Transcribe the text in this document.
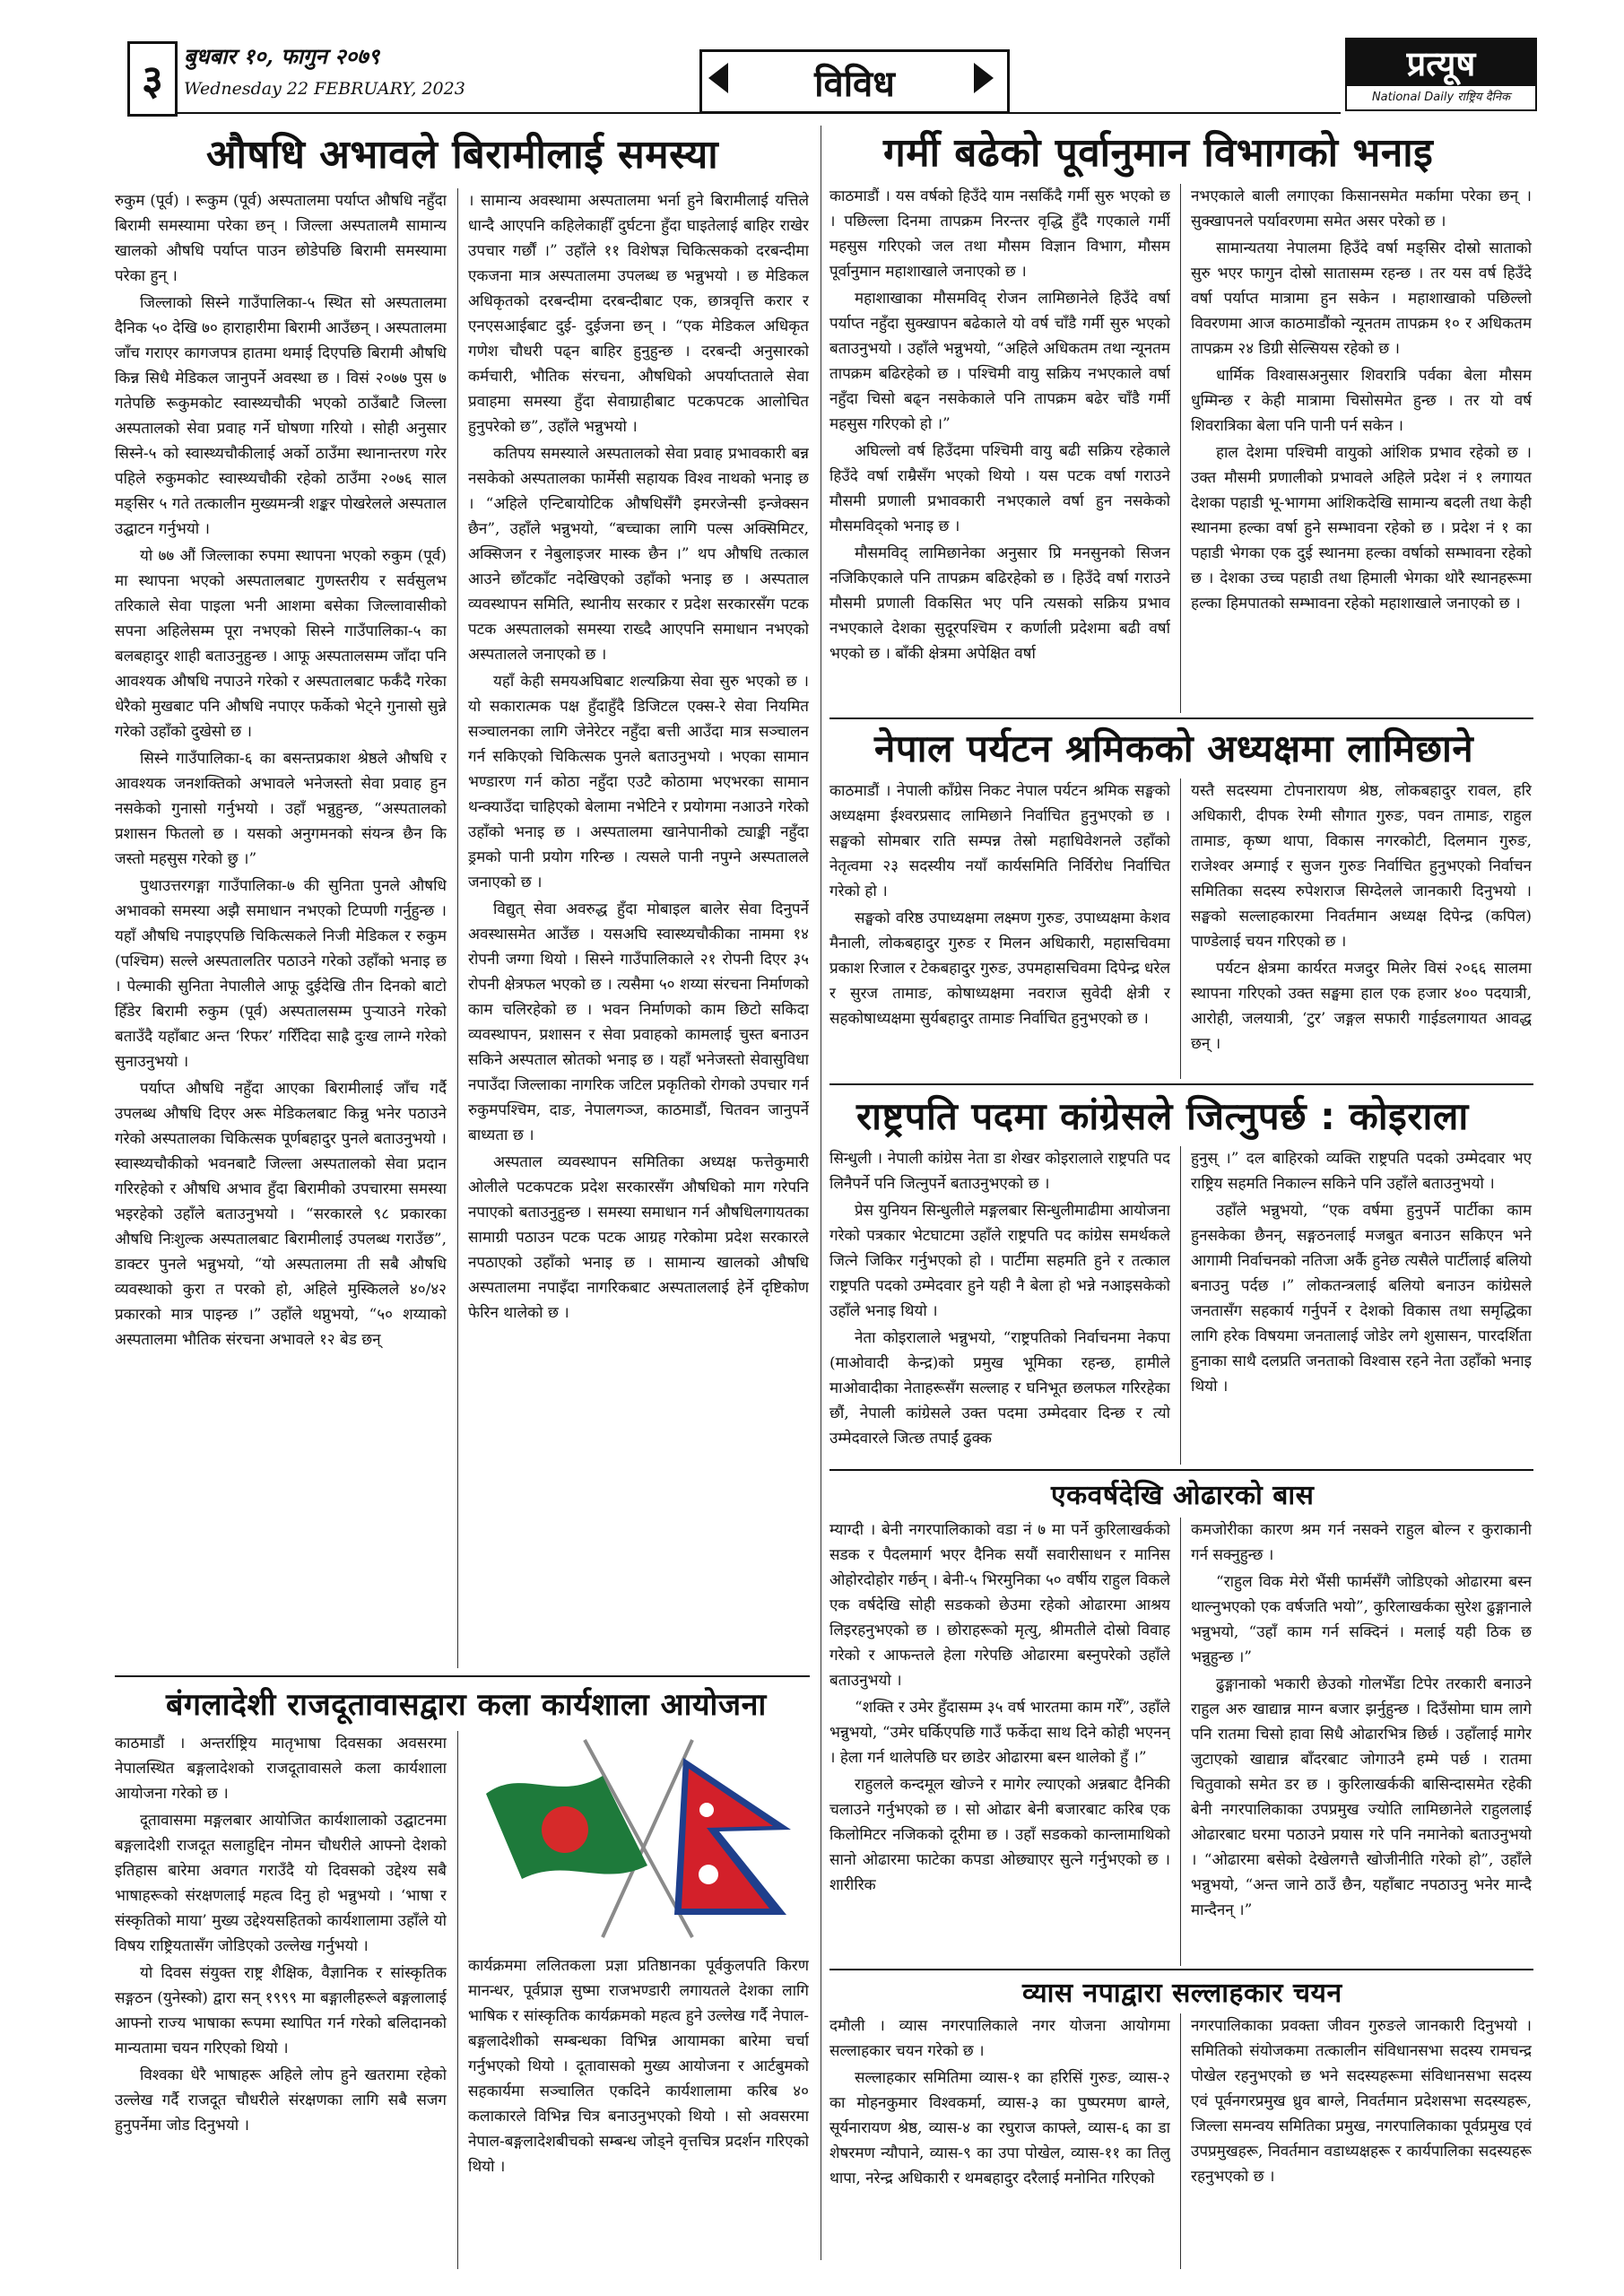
३ बुधबार १०, फागुन २०७९
Wednesday 22 FEBRUARY, 2023	विविध	प्रत्यूष
National Daily राष्ट्रिय दैनिक
औषधि अभावले बिरामीलाई समस्या

रुकुम (पूर्व) । रूकुम (पूर्व) अस्पतालमा पर्याप्त औषधि नहुँदा बिरामी समस्यामा परेका छन् । जिल्ला अस्पतालमै सामान्य खालको औषधि पर्याप्त पाउन छोडेपछि बिरामी समस्यामा परेका हुन् ।

जिल्लाको सिस्ने गाउँपालिका-५ स्थित सो अस्पतालमा दैनिक ५० देखि ७० हाराहारीमा बिरामी आउँछन् । अस्पतालमा जाँच गराएर कागजपत्र हातमा थमाई दिएपछि बिरामी औषधि किन्न सिधै मेडिकल जानुपर्ने अवस्था छ । विसं २०७७ पुस ७ गतेपछि रूकुमकोट स्वास्थ्यचौकी भएको ठाउँबाटै जिल्ला अस्पतालको सेवा प्रवाह गर्ने घोषणा गरियो । सोही अनुसार सिस्ने-५ को स्वास्थ्यचौकीलाई अर्को ठाउँमा स्थानान्तरण गरेर पहिले रुकुमकोट स्वास्थ्यचौकी रहेको ठाउँमा २०७६ साल मङ्सिर ५ गते तत्कालीन मुख्यमन्त्री शङ्कर पोखरेलले अस्पताल उद्घाटन गर्नुभयो ।

यो ७७ औं जिल्लाका रुपमा स्थापना भएको रुकुम (पूर्व) मा स्थापना भएको अस्पतालबाट गुणस्तरीय र सर्वसुलभ तरिकाले सेवा पाइला भनी आशमा बसेका जिल्लावासीको सपना अहिलेसम्म पूरा नभएको सिस्ने गाउँपालिका-५ का बलबहादुर शाही बताउनुहुन्छ । आफू अस्पतालसम्म जाँदा पनि आवश्यक औषधि नपाउने गरेको र अस्पतालबाट फर्कँदै गरेका धेरैको मुखबाट पनि औषधि नपाएर फर्केको भेट्ने गुनासो सुन्ने गरेको उहाँको दुखेसो छ ।

सिस्ने गाउँपालिका-६ का बसन्तप्रकाश श्रेष्ठले औषधि र आवश्यक जनशक्तिको अभावले भनेजस्तो सेवा प्रवाह हुन नसकेको गुनासो गर्नुभयो । उहाँ भन्नुहुन्छ, “अस्पतालको प्रशासन फितलो छ । यसको अनुगमनको संयन्त्र छैन कि जस्तो महसुस गरेको छु ।”

पुथाउत्तरगङ्गा गाउँपालिका-७ की सुनिता पुनले औषधि अभावको समस्या अझै समाधान नभएको टिप्पणी गर्नुहुन्छ । यहाँ औषधि नपाइएपछि चिकित्सकले निजी मेडिकल र रुकुम (पश्चिम) सल्ले अस्पतालतिर पठाउने गरेको उहाँको भनाइ छ । पेल्माकी सुनिता नेपालीले आफू दुईदेखि तीन दिनको बाटो हिँडेर बिरामी रुकुम (पूर्व) अस्पतालसम्म पुऱ्याउने गरेको बताउँदै यहाँबाट अन्त ‘रिफर’ गरिँदिदा साह्रै दुःख लाग्ने गरेको सुनाउनुभयो ।

पर्याप्त औषधि नहुँदा आएका बिरामीलाई जाँच गर्दै उपलब्ध औषधि दिएर अरू मेडिकलबाट किन्नु भनेर पठाउने गरेको अस्पतालका चिकित्सक पूर्णबहादुर पुनले बताउनुभयो । स्वास्थ्यचौकीको भवनबाटै जिल्ला अस्पतालको सेवा प्रदान गरिरहेको र औषधि अभाव हुँदा बिरामीको उपचारमा समस्या भइरहेको उहाँले बताउनुभयो । “सरकारले ९८ प्रकारका औषधि निःशुल्क अस्पतालबाट बिरामीलाई उपलब्ध गराउँछ”, डाक्टर पुनले भन्नुभयो, “यो अस्पतालमा ती सबै औषधि व्यवस्थाको कुरा त परको हो, अहिले मुस्किलले ४०/४२ प्रकारको मात्र पाइन्छ ।” उहाँले थप्नुभयो, “५० शय्याको अस्पतालमा भौतिक संरचना अभावले १२ बेड छन्

। सामान्य अवस्थामा अस्पतालमा भर्ना हुने बिरामीलाई यत्तिले धान्दै आएपनि कहिलेकाहीँ दुर्घटना हुँदा घाइतेलाई बाहिर राखेर उपचार गर्छौं ।” उहाँले ११ विशेषज्ञ चिकित्सकको दरबन्दीमा एकजना मात्र अस्पतालमा उपलब्ध छ भन्नुभयो । छ मेडिकल अधिकृतको दरबन्दीमा दरबन्दीबाट एक, छात्रवृत्ति करार र एनएसआईबाट दुई- दुईजना छन् । “एक मेडिकल अधिकृत गणेश चौधरी पढ्न बाहिर हुनुहुन्छ । दरबन्दी अनुसारको कर्मचारी, भौतिक संरचना, औषधिको अपर्याप्तताले सेवा प्रवाहमा समस्या हुँदा सेवाग्राहीबाट पटकपटक आलोचित हुनुपरेको छ”, उहाँले भन्नुभयो ।

कतिपय समस्याले अस्पतालको सेवा प्रवाह प्रभावकारी बन्न नसकेको अस्पतालका फार्मेसी सहायक विश्व नाथको भनाइ छ । “अहिले एन्टिबायोटिक औषधिसँगै इमरजेन्सी इन्जेक्सन छैन”, उहाँले भन्नुभयो, “बच्चाका लागि पल्स अक्सिमिटर, अक्सिजन र नेबुलाइजर मास्क छैन ।” थप औषधि तत्काल आउने छाँटकाँट नदेखिएको उहाँको भनाइ छ । अस्पताल व्यवस्थापन समिति, स्थानीय सरकार र प्रदेश सरकारसँग पटक पटक अस्पतालको समस्या राख्दै आएपनि समाधान नभएको अस्पतालले जनाएको छ ।

यहाँ केही समयअघिबाट शल्यक्रिया सेवा सुरु भएको छ । यो सकारात्मक पक्ष हुँदाहुँदै डिजिटल एक्स-रे सेवा नियमित सञ्चालनका लागि जेनेरेटर नहुँदा बत्ती आउँदा मात्र सञ्चालन गर्न सकिएको चिकित्सक पुनले बताउनुभयो । भएका सामान भण्डारण गर्न कोठा नहुँदा एउटै कोठामा भएभरका सामान थन्क्याउँदा चाहिएको बेलामा नभेटिने र प्रयोगमा नआउने गरेको उहाँको भनाइ छ । अस्पतालमा खानेपानीको ट्याङ्की नहुँदा ड्रमको पानी प्रयोग गरिन्छ । त्यसले पानी नपुग्ने अस्पतालले जनाएको छ ।

विद्युत् सेवा अवरुद्ध हुँदा मोबाइल बालेर सेवा दिनुपर्ने अवस्थासमेत आउँछ । यसअघि स्वास्थ्यचौकीका नाममा १४ रोपनी जग्गा थियो । सिस्ने गाउँपालिकाले २१ रोपनी दिएर ३५ रोपनी क्षेत्रफल भएको छ । त्यसैमा ५० शय्या संरचना निर्माणको काम चलिरहेको छ । भवन निर्माणको काम छिटो सकिदा व्यवस्थापन, प्रशासन र सेवा प्रवाहको कामलाई चुस्त बनाउन सकिने अस्पताल स्रोतको भनाइ छ । यहाँ भनेजस्तो सेवासुविधा नपाउँदा जिल्लाका नागरिक जटिल प्रकृतिको रोगको उपचार गर्न रुकुमपश्चिम, दाङ, नेपालगञ्ज, काठमाडौं, चितवन जानुपर्ने बाध्यता छ ।

अस्पताल व्यवस्थापन समितिका अध्यक्ष फत्तेकुमारी ओलीले पटकपटक प्रदेश सरकारसँग औषधिको माग गरेपनि नपाएको बताउनुहुन्छ । समस्या समाधान गर्न औषधिलगायतका सामाग्री पठाउन पटक पटक आग्रह गरेकोमा प्रदेश सरकारले नपठाएको उहाँको भनाइ छ । सामान्य खालको औषधि अस्पतालमा नपाइँदा नागरिकबाट अस्पताललाई हेर्ने दृष्टिकोण फेरिन थालेको छ ।

बंगलादेशी राजदूतावासद्वारा कला कार्यशाला आयोजना

काठमाडौं । अन्तर्राष्ट्रिय मातृभाषा दिवसका अवसरमा नेपालस्थित बङ्गलादेशको राजदूतावासले कला कार्यशाला आयोजना गरेको छ ।

दूतावासमा मङ्गलबार आयोजित कार्यशालाको उद्घाटनमा बङ्गलादेशी राजदूत सलाहुद्दिन नोमन चौधरीले आफ्नो देशको इतिहास बारेमा अवगत गराउँदै यो दिवसको उद्देश्य सबै भाषाहरूको संरक्षणलाई महत्व दिनु हो भन्नुभयो । ‘भाषा र संस्कृतिको माया’ मुख्य उद्देश्यसहितको कार्यशालामा उहाँले यो विषय राष्ट्रियतासँग जोडिएको उल्लेख गर्नुभयो ।

यो दिवस संयुक्त राष्ट्र शैक्षिक, वैज्ञानिक र सांस्कृतिक सङ्गठन (युनेस्को) द्वारा सन् १९९९ मा बङ्गालीहरूले बङ्गलालाई आफ्नो राज्य भाषाका रूपमा स्थापित गर्न गरेको बलिदानको मान्यतामा चयन गरिएको थियो ।

विश्वका धेरै भाषाहरू अहिले लोप हुने खतरामा रहेको उल्लेख गर्दै राजदूत चौधरीले संरक्षणका लागि सबै सजग हुनुपर्नेमा जोड दिनुभयो ।

कार्यक्रममा ललितकला प्रज्ञा प्रतिष्ठानका पूर्वकुलपति किरण मानन्धर, पूर्वप्राज्ञ सुष्मा राजभण्डारी लगायतले देशका लागि भाषिक र सांस्कृतिक कार्यक्रमको महत्व हुने उल्लेख गर्दै नेपाल-बङ्गलादेशीको सम्बन्धका विभिन्न आयामका बारेमा चर्चा गर्नुभएको थियो । दूतावासको मुख्य आयोजना र आर्टबुमको सहकार्यमा सञ्चालित एकदिने कार्यशालामा करिब ४० कलाकारले विभिन्न चित्र बनाउनुभएको थियो । सो अवसरमा नेपाल-बङ्गलादेशबीचको सम्बन्ध जोड्ने वृत्तचित्र प्रदर्शन गरिएको थियो ।

गर्मी बढेको पूर्वानुमान विभागको भनाइ

काठमाडौं । यस वर्षको हिउँदे याम नसकिँदै गर्मी सुरु भएको छ । पछिल्ला दिनमा तापक्रम निरन्तर वृद्धि हुँदै गएकाले गर्मी महसुस गरिएको जल तथा मौसम विज्ञान विभाग, मौसम पूर्वानुमान महाशाखाले जनाएको छ ।

महाशाखाका मौसमविद् रोजन लामिछानेले हिउँदे वर्षा पर्याप्त नहुँदा सुक्खापन बढेकाले यो वर्ष चाँडै गर्मी सुरु भएको बताउनुभयो । उहाँले भन्नुभयो, “अहिले अधिकतम तथा न्यूनतम तापक्रम बढिरहेको छ । पश्चिमी वायु सक्रिय नभएकाले वर्षा नहुँदा चिसो बढ्न नसकेकाले पनि तापक्रम बढेर चाँडै गर्मी महसुस गरिएको हो ।”

अघिल्लो वर्ष हिउँदमा पश्चिमी वायु बढी सक्रिय रहेकाले हिउँदे वर्षा राम्रैसँग भएको थियो । यस पटक वर्षा गराउने मौसमी प्रणाली प्रभावकारी नभएकाले वर्षा हुन नसकेको मौसमविद्को भनाइ छ ।

मौसमविद् लामिछानेका अनुसार प्रि मनसुनको सिजन नजिकिएकाले पनि तापक्रम बढिरहेको छ । हिउँदे वर्षा गराउने मौसमी प्रणाली विकसित भए पनि त्यसको सक्रिय प्रभाव नभएकाले देशका सुदूरपश्चिम र कर्णाली प्रदेशमा बढी वर्षा भएको छ । बाँकी क्षेत्रमा अपेक्षित वर्षा

नभएकाले बाली लगाएका किसानसमेत मर्कामा परेका छन् । सुक्खापनले पर्यावरणमा समेत असर परेको छ ।

सामान्यतया नेपालमा हिउँदे वर्षा मङ्सिर दोस्रो साताको सुरु भएर फागुन दोस्रो सातासम्म रहन्छ । तर यस वर्ष हिउँदे वर्षा पर्याप्त मात्रामा हुन सकेन । महाशाखाको पछिल्लो विवरणमा आज काठमाडौंको न्यूनतम तापक्रम १० र अधिकतम तापक्रम २४ डिग्री सेल्सियस रहेको छ ।

धार्मिक विश्वासअनुसार शिवरात्रि पर्वका बेला मौसम धुम्मिन्छ र केही मात्रामा चिसोसमेत हुन्छ । तर यो वर्ष शिवरात्रिका बेला पनि पानी पर्न सकेन ।

हाल देशमा पश्चिमी वायुको आंशिक प्रभाव रहेको छ । उक्त मौसमी प्रणालीको प्रभावले अहिले प्रदेश नं १ लगायत देशका पहाडी भू-भागमा आंशिकदेखि सामान्य बदली तथा केही स्थानमा हल्का वर्षा हुने सम्भावना रहेको छ । प्रदेश नं १ का पहाडी भेगका एक दुई स्थानमा हल्का वर्षाको सम्भावना रहेको छ । देशका उच्च पहाडी तथा हिमाली भेगका थोरै स्थानहरूमा हल्का हिमपातको सम्भावना रहेको महाशाखाले जनाएको छ ।

नेपाल पर्यटन श्रमिकको अध्यक्षमा लामिछाने

काठमाडौं । नेपाली काँग्रेस निकट नेपाल पर्यटन श्रमिक सङ्घको अध्यक्षमा ईश्वरप्रसाद लामिछाने निर्वाचित हुनुभएको छ । सङ्घको सोमबार राति सम्पन्न तेस्रो महाधिवेशनले उहाँको नेतृत्वमा २३ सदस्यीय नयाँ कार्यसमिति निर्विरोध निर्वाचित गरेको हो ।

सङ्घको वरिष्ठ उपाध्यक्षमा लक्ष्मण गुरुङ, उपाध्यक्षमा केशव मैनाली, लोकबहादुर गुरुङ र मिलन अधिकारी, महासचिवमा प्रकाश रिजाल र टेकबहादुर गुरुङ, उपमहासचिवमा दिपेन्द्र धरेल र सुरज तामाङ, कोषाध्यक्षमा नवराज सुवेदी क्षेत्री र सहकोषाध्यक्षमा सुर्यबहादुर तामाङ निर्वाचित हुनुभएको छ ।

यस्तै सदस्यमा टोपनारायण श्रेष्ठ, लोकबहादुर रावल, हरि अधिकारी, दीपक रेग्मी सौगात गुरुङ, पवन तामाङ, राहुल तामाङ, कृष्ण थापा, विकास नगरकोटी, दिलमान गुरुङ, राजेश्वर अम्गाई र सुजन गुरुङ निर्वाचित हुनुभएको निर्वाचन समितिका सदस्य रुपेशराज सिग्देलले जानकारी दिनुभयो । सङ्घको सल्लाहकारमा निवर्तमान अध्यक्ष दिपेन्द्र (कपिल) पाण्डेलाई चयन गरिएको छ ।

पर्यटन क्षेत्रमा कार्यरत मजदुर मिलेर विसं २०६६ सालमा स्थापना गरिएको उक्त सङ्घमा हाल एक हजार ४०० पदयात्री, आरोही, जलयात्री, ‘टुर’ जङ्गल सफारी गाईडलगायत आवद्ध छन् ।

राष्ट्रपति पदमा कांग्रेसले जित्नुपर्छ : कोइराला

सिन्धुली । नेपाली कांग्रेस नेता डा शेखर कोइरालाले राष्ट्रपति पद लिनैपर्ने पनि जित्नुपर्ने बताउनुभएको छ ।

प्रेस युनियन सिन्धुलीले मङ्गलबार सिन्धुलीमाढीमा आयोजना गरेको पत्रकार भेटघाटमा उहाँले राष्ट्रपति पद कांग्रेस समर्थकले जित्ने जिकिर गर्नुभएको हो । पार्टीमा सहमति हुने र तत्काल राष्ट्रपति पदको उम्मेदवार हुने यही नै बेला हो भन्ने नआइसकेको उहाँले भनाइ थियो ।

नेता कोइरालाले भन्नुभयो, “राष्ट्रपतिको निर्वाचनमा नेकपा (माओवादी केन्द्र)को प्रमुख भूमिका रहन्छ, हामीले माओवादीका नेताहरूसँग सल्लाह र घनिभूत छलफल गरिरहेका छौं, नेपाली कांग्रेसले उक्त पदमा उम्मेदवार दिन्छ र त्यो उम्मेदवारले जित्छ तपाईं ढुक्क

हुनुस् ।” दल बाहिरको व्यक्ति राष्ट्रपति पदको उम्मेदवार भए राष्ट्रिय सहमति निकाल्न सकिने पनि उहाँले बताउनुभयो ।

उहाँले भन्नुभयो, “एक वर्षमा हुनुपर्ने पार्टीका काम हुनसकेका छैनन्, सङ्गठनलाई मजबुत बनाउन सकिएन भने आगामी निर्वाचनको नतिजा अर्कै हुनेछ त्यसैले पार्टीलाई बलियो बनाउनु पर्दछ ।” लोकतन्त्रलाई बलियो बनाउन कांग्रेसले जनतासँग सहकार्य गर्नुपर्ने र देशको विकास तथा समृद्धिका लागि हरेक विषयमा जनतालाई जोडेर लगे शुसासन, पारदर्शिता हुनाका साथै दलप्रति जनताको विश्वास रहने नेता उहाँको भनाइ थियो ।

एकवर्षदेखि ओढारको बास

म्याग्दी । बेनी नगरपालिकाको वडा नं ७ मा पर्ने कुरिलाखर्कको सडक र पैदलमार्ग भएर दैनिक सयौं सवारीसाधन र मानिस ओहोरदोहोर गर्छन् । बेनी-५ भिरमुनिका ५० वर्षीय राहुल विकले एक वर्षदेखि सोही सडकको छेउमा रहेको ओढारमा आश्रय लिइरहनुभएको छ । छोराहरूको मृत्यु, श्रीमतीले दोस्रो विवाह गरेको र आफन्तले हेला गरेपछि ओढारमा बस्नुपरेको उहाँले बताउनुभयो ।

“शक्ति र उमेर हुँदासम्म ३५ वर्ष भारतमा काम गरेँ”, उहाँले भन्नुभयो, “उमेर घर्किएपछि गाउँ फर्केदा साथ दिने कोही भएनन् । हेला गर्न थालेपछि घर छाडेर ओढारमा बस्न थालेको हुँ ।”

राहुलले कन्दमूल खोज्ने र मागेर ल्याएको अन्नबाट दैनिकी चलाउने गर्नुभएको छ । सो ओढार बेनी बजारबाट करिब एक किलोमिटर नजिकको दूरीमा छ । उहाँ सडकको कान्लामाथिको सानो ओढारमा फाटेका कपडा ओछ्याएर सुत्ने गर्नुभएको छ । शारीरिक

कमजोरीका कारण श्रम गर्न नसक्ने राहुल बोल्न र कुराकानी गर्न सक्नुहुन्छ ।

“राहुल विक मेरो भैंसी फार्मसँगै जोडिएको ओढारमा बस्न थाल्नुभएको एक वर्षजति भयो”, कुरिलाखर्कका सुरेश ढुङ्गानाले भन्नुभयो, “उहाँ काम गर्न सक्दिनं । मलाई यही ठिक छ भन्नुहुन्छ ।”

ढुङ्गानाको भकारी छेउको गोलभेँडा टिपेर तरकारी बनाउने राहुल अरु खाद्यान्न माग्न बजार झर्नुहुन्छ । दिउँसोमा घाम लागे पनि रातमा चिसो हावा सिधै ओढारभित्र छिर्छ । उहाँलाई मागेर जुटाएको खाद्यान्न बाँदरबाट जोगाउनै हम्मे पर्छ । रातमा चितुवाको समेत डर छ । कुरिलाखर्ककी बासिन्दासमेत रहेकी बेनी नगरपालिकाका उपप्रमुख ज्योति लामिछानेले राहुललाई ओढारबाट घरमा पठाउने प्रयास गरे पनि नमानेको बताउनुभयो । “ओढारमा बसेको देखेलगत्तै खोजीनीति गरेको हो”, उहाँले भन्नुभयो, “अन्त जाने ठाउँ छैन, यहाँबाट नपठाउनु भनेर मान्दै मान्दैनन् ।”

व्यास नपाद्वारा सल्लाहकार चयन

दमौली । व्यास नगरपालिकाले नगर योजना आयोगमा सल्लाहकार चयन गरेको छ ।

सल्लाहकार समितिमा व्यास-१ का हरिसिं गुरुङ, व्यास-२ का मोहनकुमार विश्वकर्मा, व्यास-३ का पुष्परमण बाग्ले, सूर्यनारायण श्रेष्ठ, व्यास-४ का रघुराज काफ्ले, व्यास-६ का डा शेषरमण न्यौपाने, व्यास-९ का उपा पोखेल, व्यास-११ का तिलु थापा, नरेन्द्र अधिकारी र थमबहादुर दरैलाई मनोनित गरिएको

नगरपालिकाका प्रवक्ता जीवन गुरुङले जानकारी दिनुभयो । समितिको संयोजकमा तत्कालीन संविधानसभा सदस्य रामचन्द्र पोखेल रहनुभएको छ भने सदस्यहरूमा संविधानसभा सदस्य एवं पूर्वनगरप्रमुख ध्रुव बाग्ले, निवर्तमान प्रदेशसभा सदस्यहरू, जिल्ला समन्वय समितिका प्रमुख, नगरपालिकाका पूर्वप्रमुख एवं उपप्रमुखहरू, निवर्तमान वडाध्यक्षहरू र कार्यपालिका सदस्यहरू रहनुभएको छ ।
